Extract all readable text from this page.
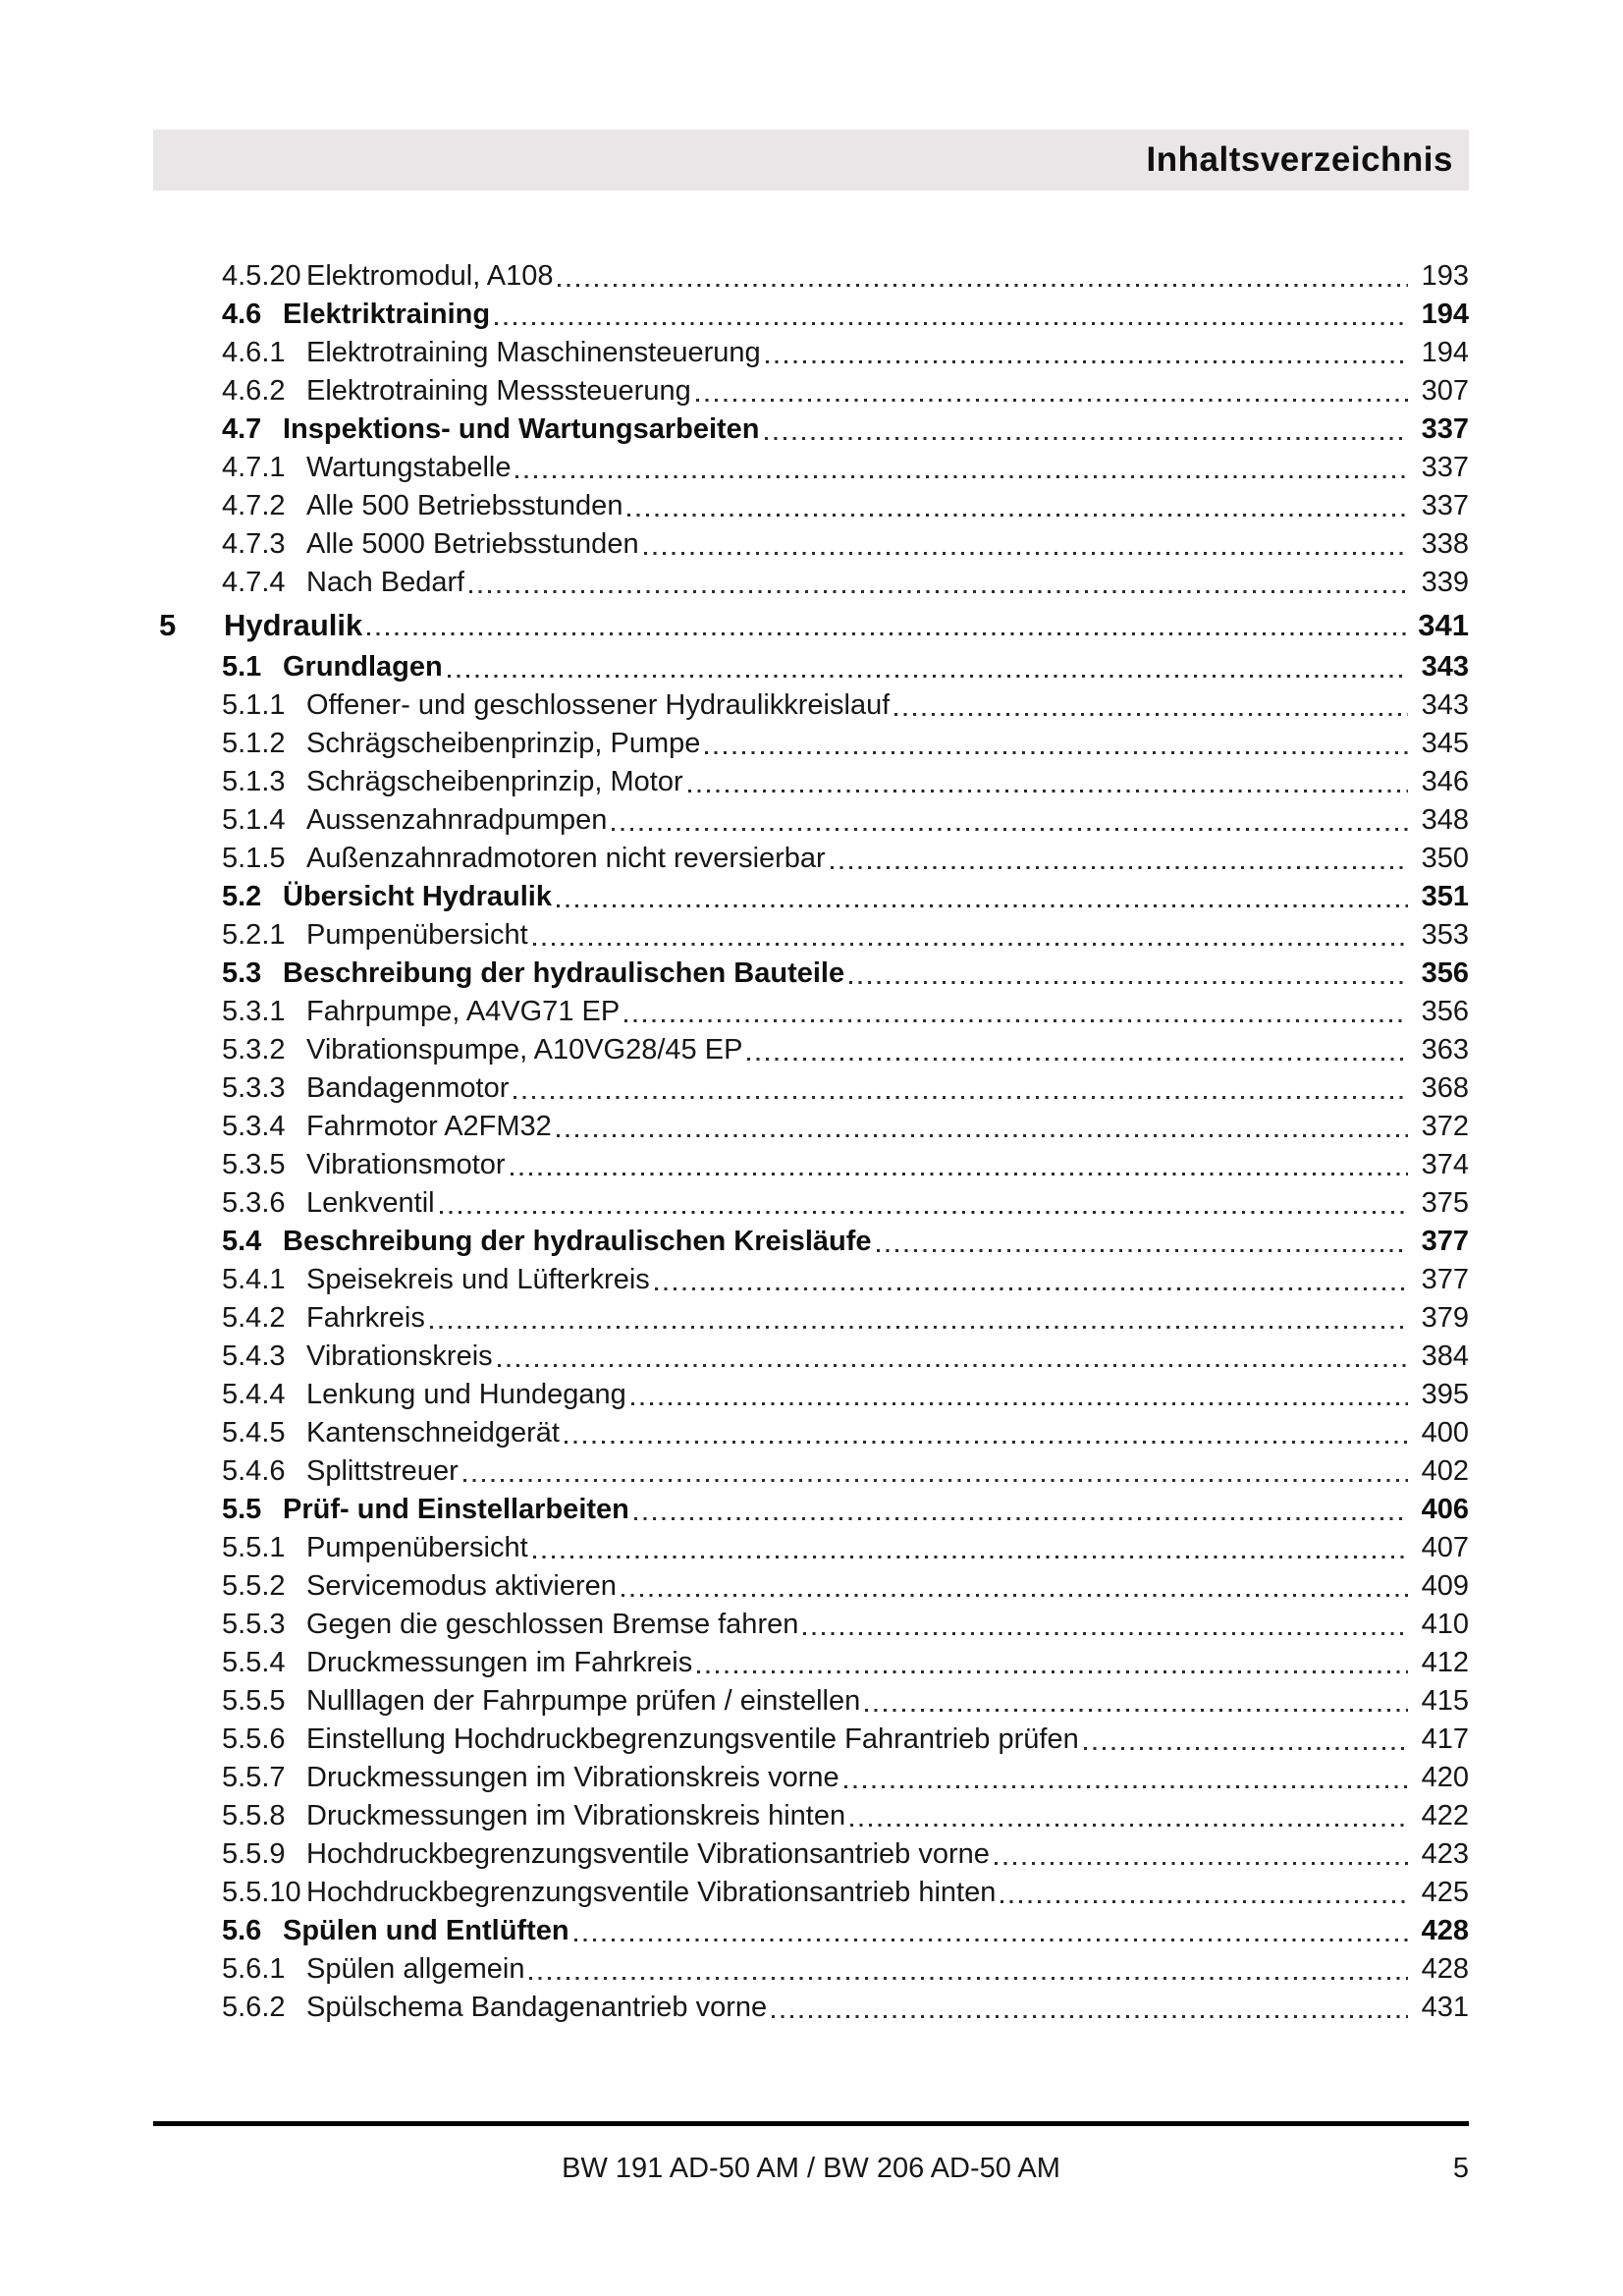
Inhaltsverzeichnis
4.5.20 Elektromodul, A108	193
4.6 Elektriktraining	194
4.6.1 Elektrotraining Maschinensteuerung	194
4.6.2 Elektrotraining Messsteuerung	307
4.7 Inspektions- und Wartungsarbeiten	337
4.7.1 Wartungstabelle	337
4.7.2 Alle 500 Betriebsstunden	337
4.7.3 Alle 5000 Betriebsstunden	338
4.7.4 Nach Bedarf	339
5	Hydraulik	341
5.1 Grundlagen	343
5.1.1 Offener- und geschlossener Hydraulikkreislauf	343
5.1.2 Schrägscheibenprinzip, Pumpe	345
5.1.3 Schrägscheibenprinzip, Motor	346
5.1.4 Aussenzahnradpumpen	348
5.1.5 Außenzahnradmotoren nicht reversierbar	350
5.2 Übersicht Hydraulik	351
5.2.1 Pumpenübersicht	353
5.3 Beschreibung der hydraulischen Bauteile	356
5.3.1 Fahrpumpe, A4VG71 EP	356
5.3.2 Vibrationspumpe, A10VG28/45 EP	363
5.3.3 Bandagenmotor	368
5.3.4 Fahrmotor A2FM32	372
5.3.5 Vibrationsmotor	374
5.3.6 Lenkventil	375
5.4 Beschreibung der hydraulischen Kreisläufe	377
5.4.1 Speisekreis und Lüfterkreis	377
5.4.2 Fahrkreis	379
5.4.3 Vibrationskreis	384
5.4.4 Lenkung und Hundegang	395
5.4.5 Kantenschneidgerät	400
5.4.6 Splittstreuer	402
5.5 Prüf- und Einstellarbeiten	406
5.5.1 Pumpenübersicht	407
5.5.2 Servicemodus aktivieren	409
5.5.3 Gegen die geschlossen Bremse fahren	410
5.5.4 Druckmessungen im Fahrkreis	412
5.5.5 Nulllagen der Fahrpumpe prüfen / einstellen	415
5.5.6 Einstellung Hochdruckbegrenzungsventile Fahrantrieb prüfen	417
5.5.7 Druckmessungen im Vibrationskreis vorne	420
5.5.8 Druckmessungen im Vibrationskreis hinten	422
5.5.9 Hochdruckbegrenzungsventile Vibrationsantrieb vorne	423
5.5.10 Hochdruckbegrenzungsventile Vibrationsantrieb hinten	425
5.6 Spülen und Entlüften	428
5.6.1 Spülen allgemein	428
5.6.2 Spülschema Bandagenantrieb vorne	431
BW 191 AD-50 AM / BW 206 AD-50 AM	5
